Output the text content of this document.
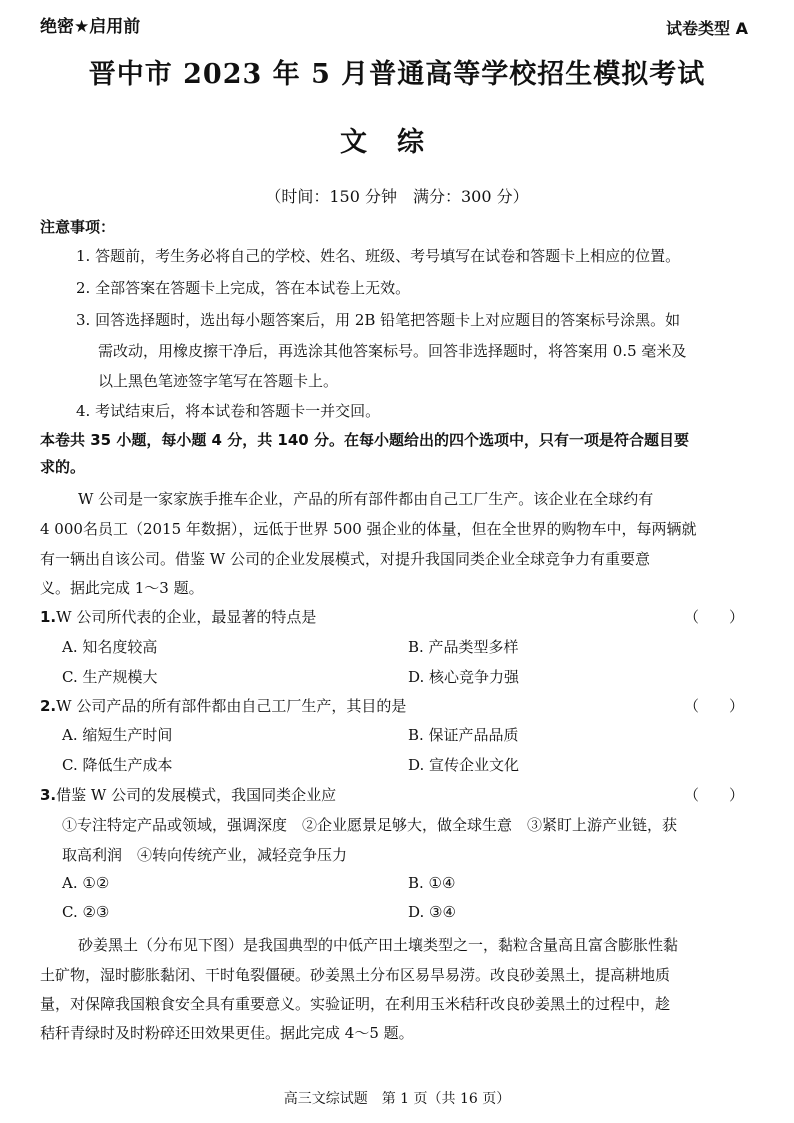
绝密★启用前	试卷类型 A
晋中市 2023 年 5 月普通高等学校招生模拟考试
文综
（时间：150 分钟　满分：300 分）
注意事项：
1. 答题前，考生务必将自己的学校、姓名、班级、考号填写在试卷和答题卡上相应的位置。
2. 全部答案在答题卡上完成，答在本试卷上无效。
3. 回答选择题时，选出每小题答案后，用 2B 铅笔把答题卡上对应题目的答案标号涂黑。如
需改动，用橡皮擦干净后，再选涂其他答案标号。回答非选择题时，将答案用 0.5 毫米及
以上黑色笔迹签字笔写在答题卡上。
4. 考试结束后，将本试卷和答题卡一并交回。
本卷共 35 小题，每小题 4 分，共 140 分。在每小题给出的四个选项中，只有一项是符合题目要
求的。
W 公司是一家家族手推车企业，产品的所有部件都由自己工厂生产。该企业在全球约有
4 000名员工（2015 年数据），远低于世界 500 强企业的体量，但在全世界的购物车中，每两辆就
有一辆出自该公司。借鉴 W 公司的企业发展模式，对提升我国同类企业全球竞争力有重要意
义。据此完成 1～3 题。
1.W 公司所代表的企业，最显著的特点是	（　　）
A. 知名度较高	B. 产品类型多样
C. 生产规模大	D. 核心竞争力强
2.W 公司产品的所有部件都由自己工厂生产，其目的是	（　　）
A. 缩短生产时间	B. 保证产品品质
C. 降低生产成本	D. 宣传企业文化
3.借鉴 W 公司的发展模式，我国同类企业应	（　　）
①专注特定产品或领域，强调深度　②企业愿景足够大，做全球生意　③紧盯上游产业链，获
取高利润　④转向传统产业，减轻竞争压力
A. ①②	B. ①④
C. ②③	D. ③④
砂姜黑土（分布见下图）是我国典型的中低产田土壤类型之一，黏粒含量高且富含膨胀性黏
土矿物，湿时膨胀黏闭、干时龟裂僵硬。砂姜黑土分布区易旱易涝。改良砂姜黑土，提高耕地质
量，对保障我国粮食安全具有重要意义。实验证明，在利用玉米秸秆改良砂姜黑土的过程中，趁
秸秆青绿时及时粉碎还田效果更佳。据此完成 4～5 题。
高三文综试题　第 1 页（共 16 页）
